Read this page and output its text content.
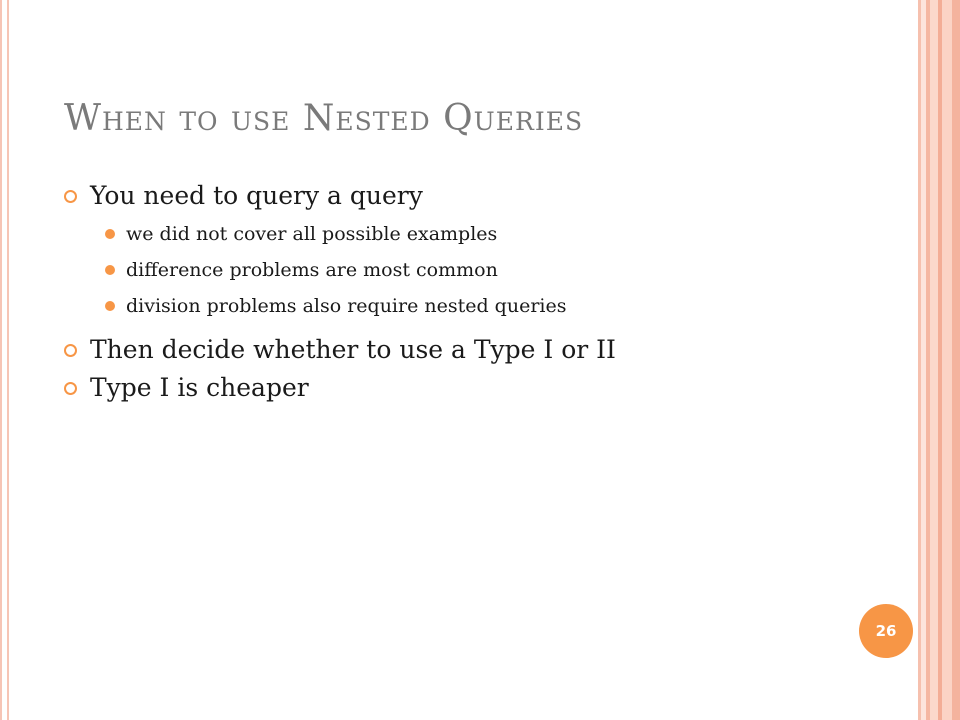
When to use Nested Queries
You need to query a query
we did not cover all possible examples
difference problems are most common
division problems also require nested queries
Then decide whether to use a Type I or II
Type I is cheaper
26
